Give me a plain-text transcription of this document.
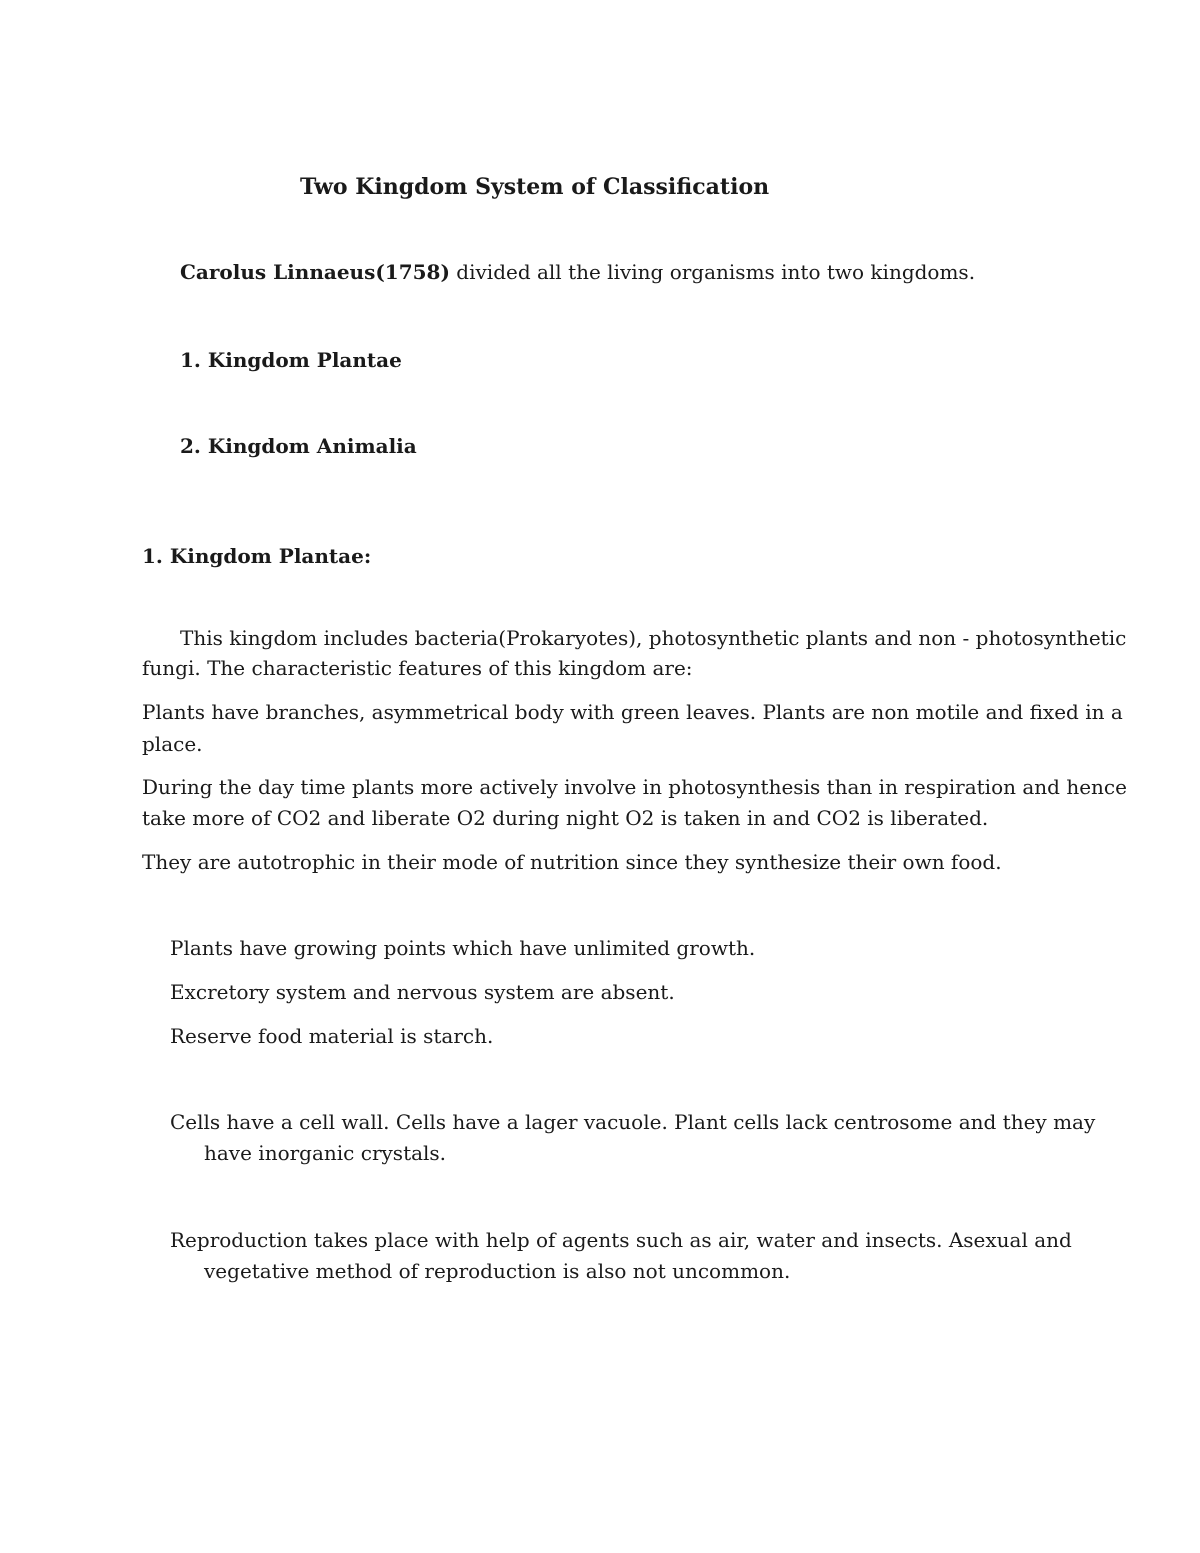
Two Kingdom System of Classification
Carolus Linnaeus(1758) divided all the living organisms into two kingdoms.
1. Kingdom Plantae
2. Kingdom Animalia
1. Kingdom Plantae:
This kingdom includes bacteria(Prokaryotes), photosynthetic plants and non - photosynthetic
fungi. The characteristic features of this kingdom are:
Plants have branches, asymmetrical body with green leaves. Plants are non motile and fixed in a
place.
During the day time plants more actively involve in photosynthesis than in respiration and hence
take more of CO2 and liberate O2 during night O2 is taken in and CO2 is liberated.
They are autotrophic in their mode of nutrition since they synthesize their own food.
Plants have growing points which have unlimited growth.
Excretory system and nervous system are absent.
Reserve food material is starch.
Cells have a cell wall. Cells have a lager vacuole. Plant cells lack centrosome and they may
have inorganic crystals.
Reproduction takes place with help of agents such as air, water and insects. Asexual and
vegetative method of reproduction is also not uncommon.
